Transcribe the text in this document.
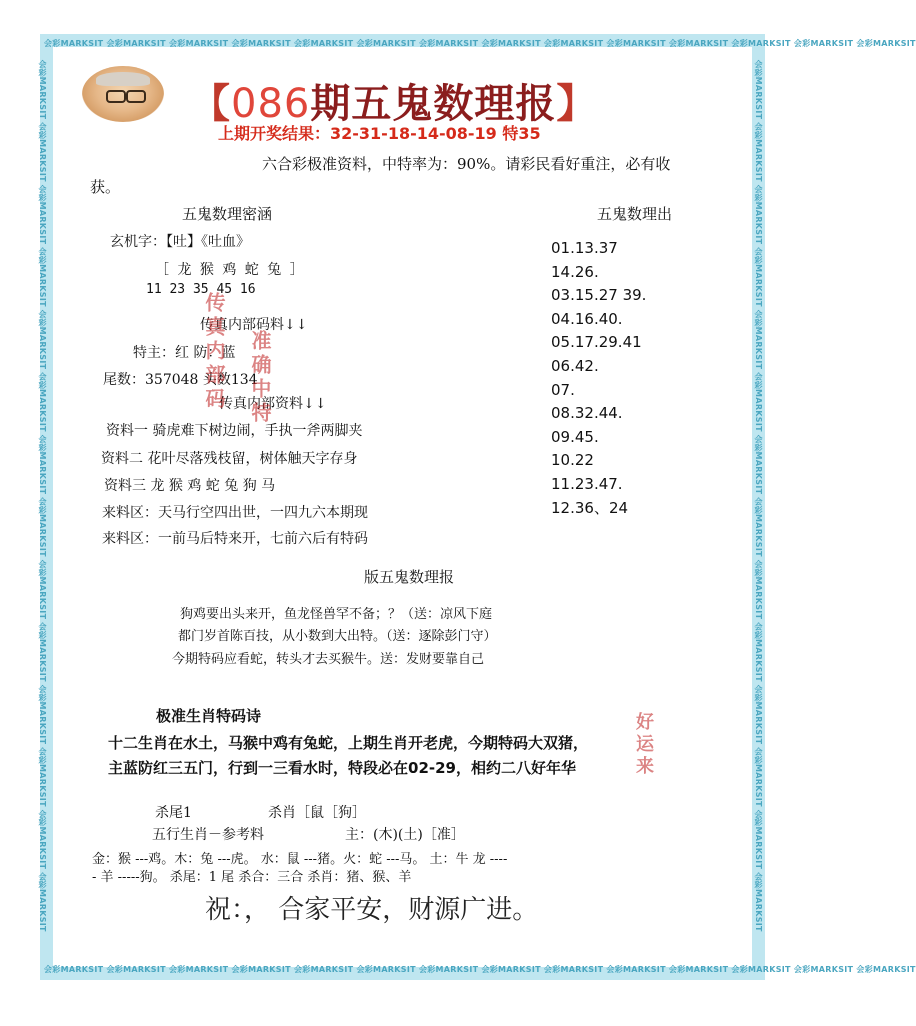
会彩MARKSIT 会彩MARKSIT 会彩MARKSIT 会彩MARKSIT 会彩MARKSIT 会彩MARKSIT 会彩MARKSIT 会彩MARKSIT 会彩MARKSIT 会彩MARKSIT 会彩MARKSIT 会彩MARKSIT 会彩MARKSIT 会彩MARKSIT
会彩MARKSIT 会彩MARKSIT 会彩MARKSIT 会彩MARKSIT 会彩MARKSIT 会彩MARKSIT 会彩MARKSIT 会彩MARKSIT 会彩MARKSIT 会彩MARKSIT 会彩MARKSIT 会彩MARKSIT 会彩MARKSIT 会彩MARKSIT
会彩MARKSIT 会彩MARKSIT 会彩MARKSIT 会彩MARKSIT 会彩MARKSIT 会彩MARKSIT 会彩MARKSIT 会彩MARKSIT 会彩MARKSIT 会彩MARKSIT 会彩MARKSIT 会彩MARKSIT 会彩MARKSIT 会彩MARKSIT	会彩MARKSIT 会彩MARKSIT 会彩MARKSIT 会彩MARKSIT 会彩MARKSIT 会彩MARKSIT 会彩MARKSIT 会彩MARKSIT 会彩MARKSIT 会彩MARKSIT 会彩MARKSIT 会彩MARKSIT 会彩MARKSIT 会彩MARKSIT
【086期五鬼数理报】
上期开奖结果：32-31-18-14-08-19 特35
六合彩极准资料，中特率为：90%。请彩民看好重注，必有收
获。
五鬼数理密涵	五鬼数理出
玄机字：【吐】《吐血》
［ 龙 猴 鸡 蛇 兔 ］
11 23 35 45 16
传真内部码料↓↓
特主：红 防：蓝
尾数：357048 头数134
传真内部资料↓↓
资料一 骑虎难下树边闹，手执一斧两脚夹
资料二 花叶尽落残枝留，树体触天字存身
资料三 龙 猴 鸡 蛇 兔 狗 马
来料区：天马行空四出世，一四九六本期现
来料区：一前马后特来开，七前六后有特码
01.13.37
14.26.
03.15.27 39.
04.16.40.
05.17.29.41
06.42.
07.
08.32.44.
09.45.
10.22
11.23.47.
12.36、24
传真内部码 准确中特
好运来
版五鬼数理报
狗鸡要出头来开，鱼龙怪兽罕不备；？（送：凉风下庭
都门岁首陈百技，从小数到大出特。（送：逐除彭门守）
今期特码应看蛇，转头才去买猴牛。送：发财要靠自己
极准生肖特码诗
十二生肖在水土，马猴中鸡有兔蛇，上期生肖开老虎，今期特码大双猪，
主蓝防红三五门，行到一三看水时，特段必在02-29，相约二八好年华
杀尾1	杀肖［鼠［狗］
五行生肖－参考料	主：(木)(土)［准］
金：猴 ---鸡。木：兔 ---虎。 水：鼠 ---猪。火：蛇 ---马。 土：牛 龙 ----
- 羊 -----狗。 杀尾：1 尾 杀合：三合 杀肖：猪、猴、羊
祝：， 合家平安，财源广进。
